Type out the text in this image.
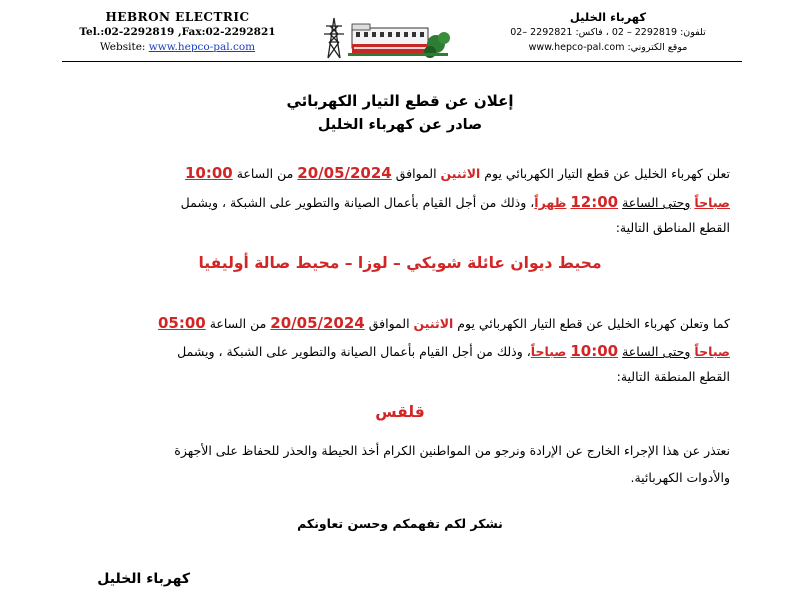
HEBRON ELECTRIC
Tel.:02-2292819 ,Fax:02-2292821
Website: www.hepco-pal.com
كهرباء الخليل
تلفون: 2292819 – 02 ، فاكس: 2292821 –02
موقع الكتروني: www.hepco-pal.com
إعلان عن قطع التيار الكهربائي
صادر عن كهرباء الخليل
تعلن كهرباء الخليل عن قطع التيار الكهربائي يوم الاثنين الموافق 20/05/2024 من الساعة 10:00
صباحاً وحتى الساعة 12:00 ظهراً، وذلك من أجل القيام بأعمال الصيانة والتطوير على الشبكة ، ويشمل
القطع المناطق التالية:
محيط ديوان عائلة شويكي – لوزا – محيط صالة أوليفيا
كما وتعلن كهرباء الخليل عن قطع التيار الكهربائي يوم الاثنين الموافق 20/05/2024 من الساعة 05:00
صباحاً وحتى الساعة 10:00 صباحاً، وذلك من أجل القيام بأعمال الصيانة والتطوير على الشبكة ، ويشمل
القطع المنطقة التالية:
قلقس
نعتذر عن هذا الإجراء الخارج عن الإرادة ونرجو من المواطنين الكرام أخذ الحيطة والحذر للحفاظ على الأجهزة
والأدوات الكهربائية.
نشكر لكم تفهمكم وحسن تعاونكم
كهرباء الخليل
